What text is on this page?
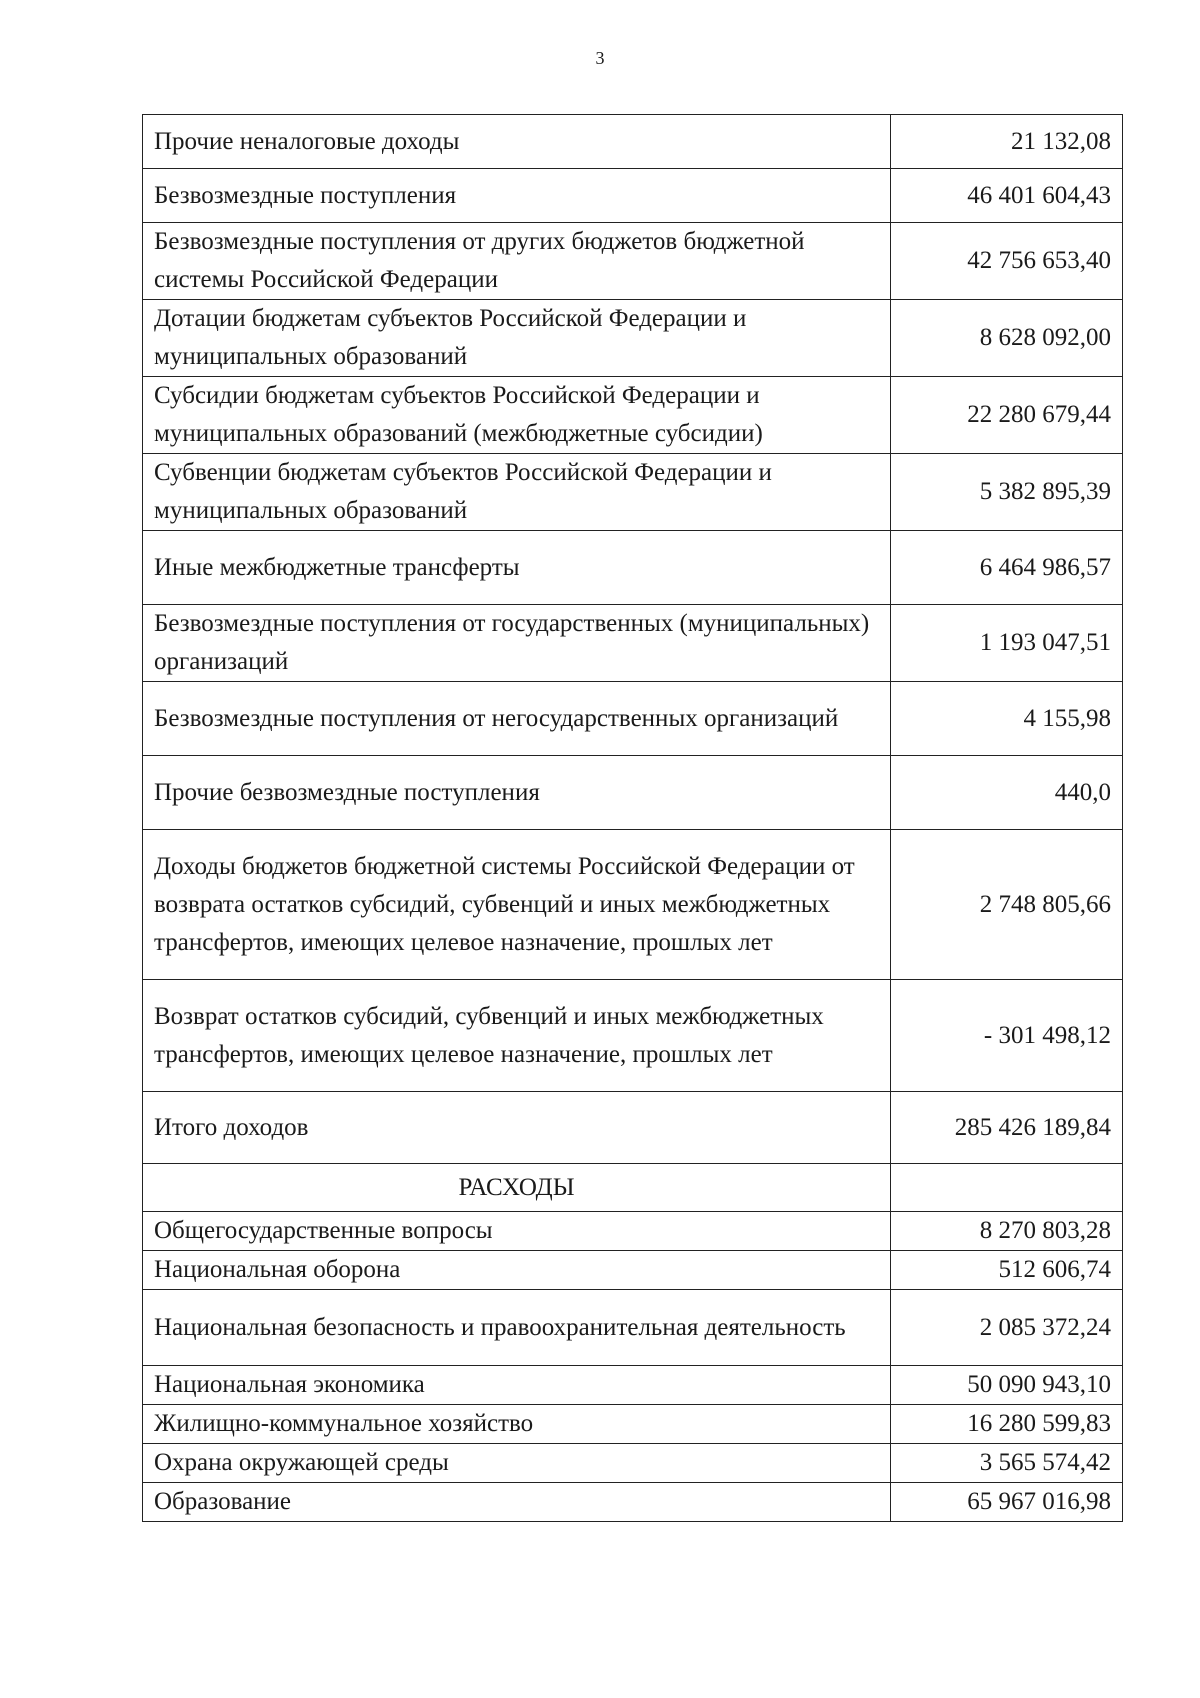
3
Прочие неналоговые доходы	21 132,08
Безвозмездные поступления	46 401 604,43
Безвозмездные поступления от других бюджетов бюджетной системы Российской Федерации	42 756 653,40
Дотации бюджетам субъектов Российской Федерации и муниципальных образований	8 628 092,00
Субсидии бюджетам субъектов Российской Федерации и муниципальных образований (межбюджетные субсидии)	22 280 679,44
Субвенции бюджетам субъектов Российской Федерации и муниципальных образований	5 382 895,39
Иные межбюджетные трансферты	6 464 986,57
Безвозмездные поступления от государственных (муниципальных) организаций	1 193 047,51
Безвозмездные поступления от негосударственных организаций	4 155,98
Прочие безвозмездные поступления	440,0
Доходы бюджетов бюджетной системы Российской Федерации от возврата остатков субсидий, субвенций и иных межбюджетных трансфертов, имеющих целевое назначение, прошлых лет	2 748 805,66
Возврат остатков субсидий, субвенций и иных межбюджетных трансфертов, имеющих целевое назначение, прошлых лет	- 301 498,12
Итого доходов	285 426 189,84
РАСХОДЫ	
Общегосударственные вопросы	8 270 803,28
Национальная оборона	512 606,74
Национальная безопасность и правоохранительная деятельность	2 085 372,24
Национальная экономика	50 090 943,10
Жилищно-коммунальное хозяйство	16 280 599,83
Охрана окружающей среды	3 565 574,42
Образование	65 967 016,98
